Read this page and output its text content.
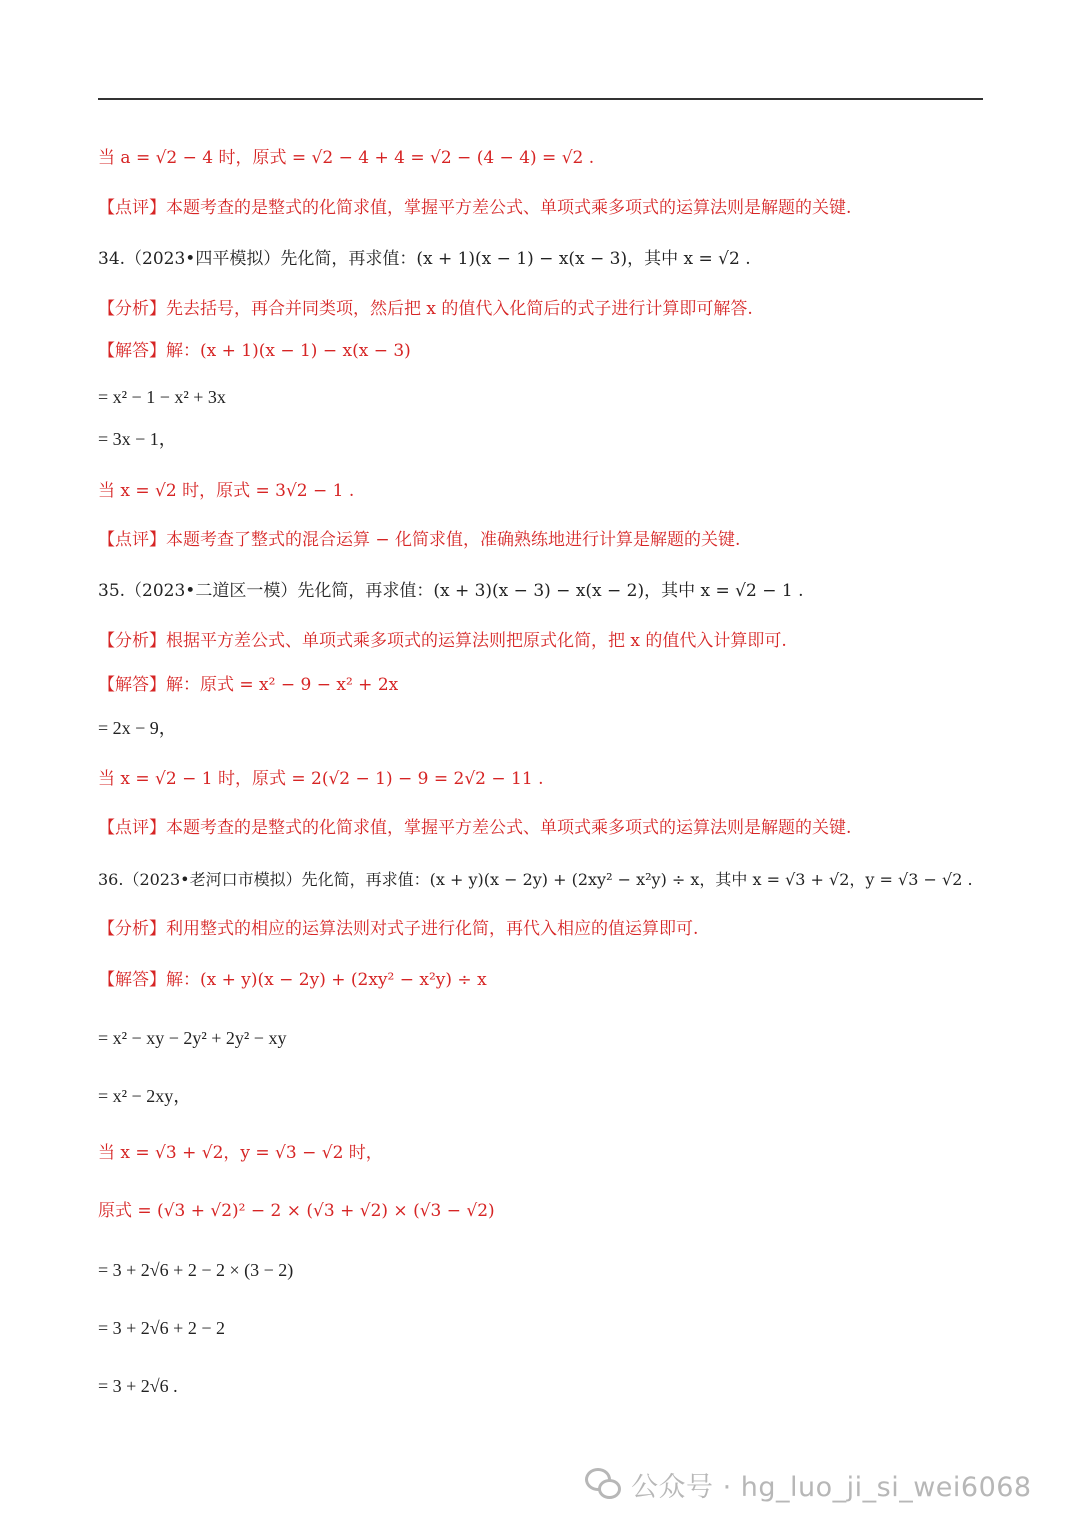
当 a = √2 − 4 时，原式 = √2 − 4 + 4 = √2 − (4 − 4) = √2 .
【点评】本题考查的是整式的化简求值，掌握平方差公式、单项式乘多项式的运算法则是解题的关键.
34.（2023•四平模拟）先化简，再求值：(x + 1)(x − 1) − x(x − 3)，其中 x = √2 .
【分析】先去括号，再合并同类项，然后把 x 的值代入化简后的式子进行计算即可解答.
【解答】解：(x + 1)(x − 1) − x(x − 3)
= x² − 1 − x² + 3x
= 3x − 1，
当 x = √2 时，原式 = 3√2 − 1 .
【点评】本题考查了整式的混合运算 − 化简求值，准确熟练地进行计算是解题的关键.
35.（2023•二道区一模）先化简，再求值：(x + 3)(x − 3) − x(x − 2)，其中 x = √2 − 1 .
【分析】根据平方差公式、单项式乘多项式的运算法则把原式化简，把 x 的值代入计算即可.
【解答】解：原式 = x² − 9 − x² + 2x
= 2x − 9，
当 x = √2 − 1 时，原式 = 2(√2 − 1) − 9 = 2√2 − 11 .
【点评】本题考查的是整式的化简求值，掌握平方差公式、单项式乘多项式的运算法则是解题的关键.
36.（2023•老河口市模拟）先化简，再求值：(x + y)(x − 2y) + (2xy² − x²y) ÷ x，其中 x = √3 + √2，y = √3 − √2 .
【分析】利用整式的相应的运算法则对式子进行化简，再代入相应的值运算即可.
【解答】解：(x + y)(x − 2y) + (2xy² − x²y) ÷ x
= x² − xy − 2y² + 2y² − xy
= x² − 2xy，
当 x = √3 + √2，y = √3 − √2 时，
原式 = (√3 + √2)² − 2 × (√3 + √2) × (√3 − √2)
= 3 + 2√6 + 2 − 2 × (3 − 2)
= 3 + 2√6 + 2 − 2
= 3 + 2√6 .
公众号 · hg_luo_ji_si_wei6068
